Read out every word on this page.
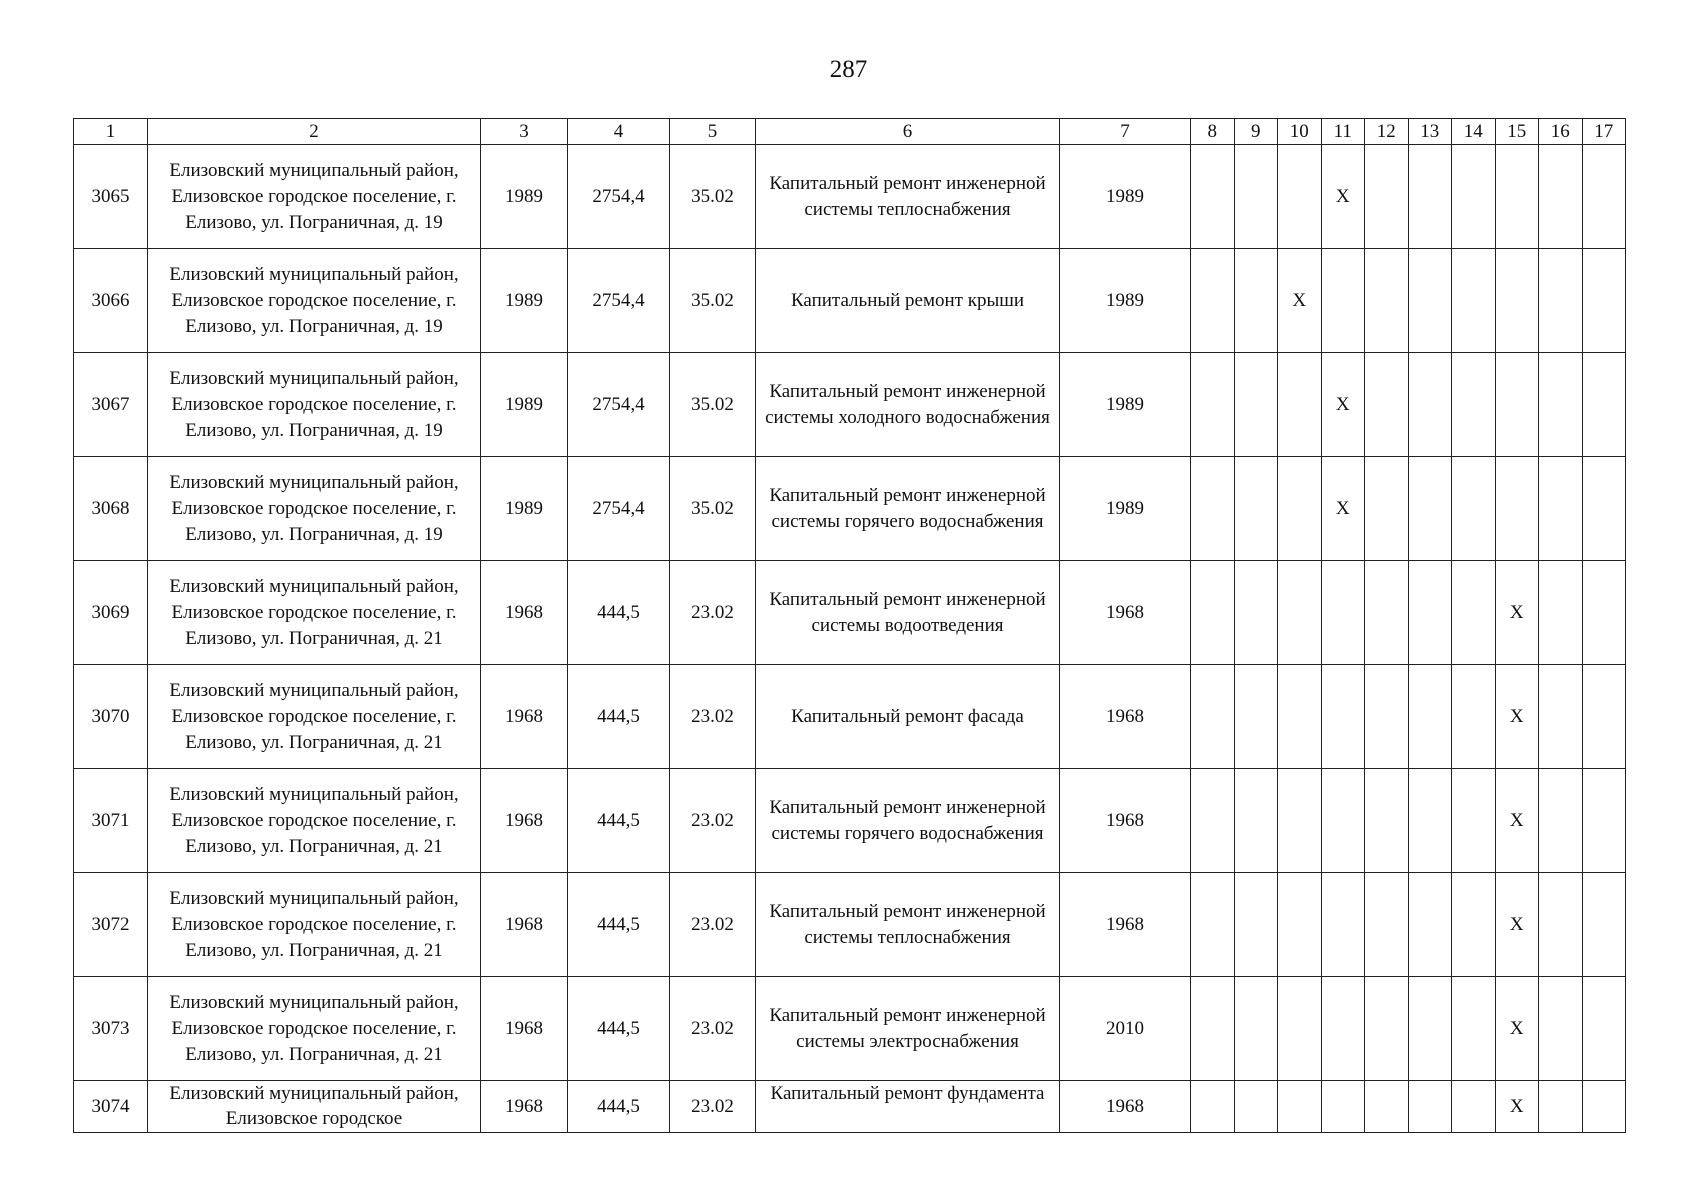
287
1	2	3	4	5	6	7	8	9	10	11	12	13	14	15	16	17
3065	Елизовский муниципальный район, Елизовское городское поселение, г. Елизово, ул. Пограничная, д. 19	1989	2754,4	35.02	Капитальный ремонт инженерной системы теплоснабжения	1989				X						
3066	Елизовский муниципальный район, Елизовское городское поселение, г. Елизово, ул. Пограничная, д. 19	1989	2754,4	35.02	Капитальный ремонт крыши	1989			X							
3067	Елизовский муниципальный район, Елизовское городское поселение, г. Елизово, ул. Пограничная, д. 19	1989	2754,4	35.02	Капитальный ремонт инженерной системы холодного водоснабжения	1989				X						
3068	Елизовский муниципальный район, Елизовское городское поселение, г. Елизово, ул. Пограничная, д. 19	1989	2754,4	35.02	Капитальный ремонт инженерной системы горячего водоснабжения	1989				X						
3069	Елизовский муниципальный район, Елизовское городское поселение, г. Елизово, ул. Пограничная, д. 21	1968	444,5	23.02	Капитальный ремонт инженерной системы водоотведения	1968								X		
3070	Елизовский муниципальный район, Елизовское городское поселение, г. Елизово, ул. Пограничная, д. 21	1968	444,5	23.02	Капитальный ремонт фасада	1968								X		
3071	Елизовский муниципальный район, Елизовское городское поселение, г. Елизово, ул. Пограничная, д. 21	1968	444,5	23.02	Капитальный ремонт инженерной системы горячего водоснабжения	1968								X		
3072	Елизовский муниципальный район, Елизовское городское поселение, г. Елизово, ул. Пограничная, д. 21	1968	444,5	23.02	Капитальный ремонт инженерной системы теплоснабжения	1968								X		
3073	Елизовский муниципальный район, Елизовское городское поселение, г. Елизово, ул. Пограничная, д. 21	1968	444,5	23.02	Капитальный ремонт инженерной системы электроснабжения	2010								X		
3074	Елизовский муниципальный район, Елизовское городское	1968	444,5	23.02	Капитальный ремонт фундамента	1968								X		
